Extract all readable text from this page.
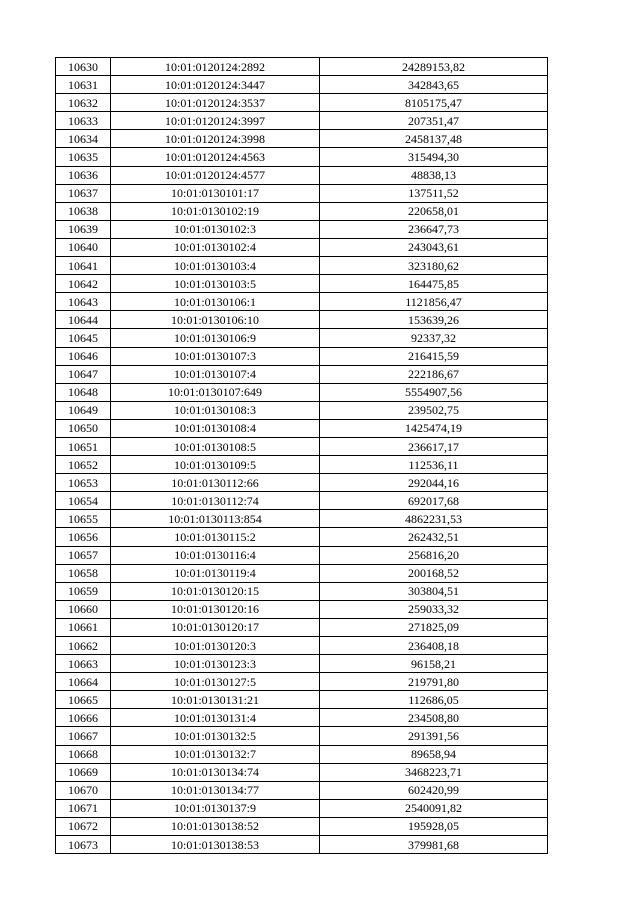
10630	10:01:0120124:2892	24289153,82
10631	10:01:0120124:3447	342843,65
10632	10:01:0120124:3537	8105175,47
10633	10:01:0120124:3997	207351,47
10634	10:01:0120124:3998	2458137,48
10635	10:01:0120124:4563	315494,30
10636	10:01:0120124:4577	48838,13
10637	10:01:0130101:17	137511,52
10638	10:01:0130102:19	220658,01
10639	10:01:0130102:3	236647,73
10640	10:01:0130102:4	243043,61
10641	10:01:0130103:4	323180,62
10642	10:01:0130103:5	164475,85
10643	10:01:0130106:1	1121856,47
10644	10:01:0130106:10	153639,26
10645	10:01:0130106:9	92337,32
10646	10:01:0130107:3	216415,59
10647	10:01:0130107:4	222186,67
10648	10:01:0130107:649	5554907,56
10649	10:01:0130108:3	239502,75
10650	10:01:0130108:4	1425474,19
10651	10:01:0130108:5	236617,17
10652	10:01:0130109:5	112536,11
10653	10:01:0130112:66	292044,16
10654	10:01:0130112:74	692017,68
10655	10:01:0130113:854	4862231,53
10656	10:01:0130115:2	262432,51
10657	10:01:0130116:4	256816,20
10658	10:01:0130119:4	200168,52
10659	10:01:0130120:15	303804,51
10660	10:01:0130120:16	259033,32
10661	10:01:0130120:17	271825,09
10662	10:01:0130120:3	236408,18
10663	10:01:0130123:3	96158,21
10664	10:01:0130127:5	219791,80
10665	10:01:0130131:21	112686,05
10666	10:01:0130131:4	234508,80
10667	10:01:0130132:5	291391,56
10668	10:01:0130132:7	89658,94
10669	10:01:0130134:74	3468223,71
10670	10:01:0130134:77	602420,99
10671	10:01:0130137:9	2540091,82
10672	10:01:0130138:52	195928,05
10673	10:01:0130138:53	379981,68
